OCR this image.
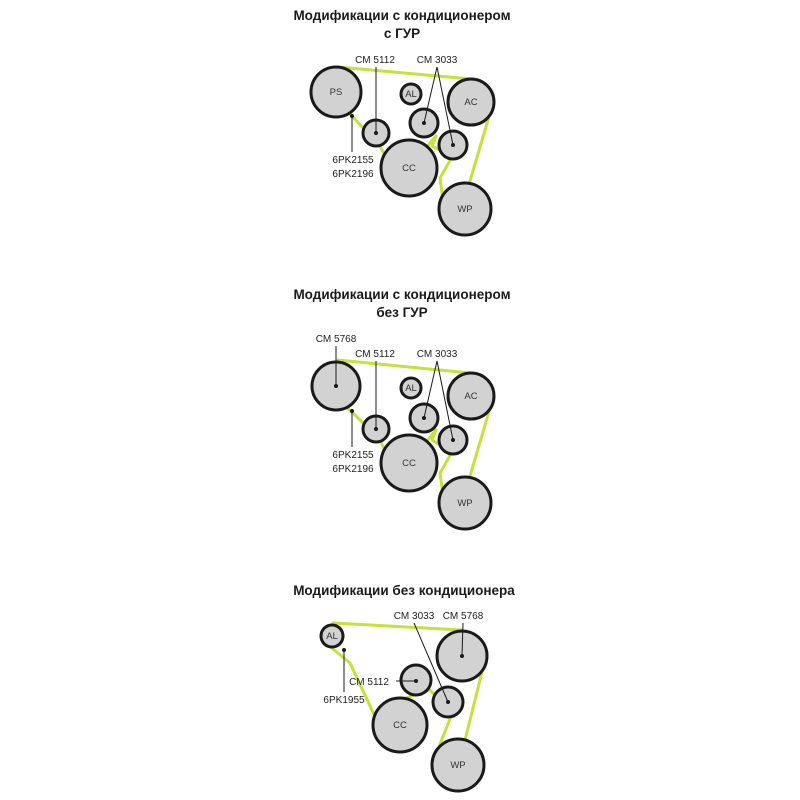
Модификации с кондиционером
с ГУР
PS	AL
AC
CC
WP
CM 5112 CM 3033
6PK2155
6PK2196
Модификации с кондиционером
без ГУР
AL
AC
CC
WP
CM 5768
CM 5112 CM 3033
6PK2155
6PK2196
Модификации без кондиционера
AL
CC
WP
CM 3033 CM 5768
CM 5112
6PK1955
